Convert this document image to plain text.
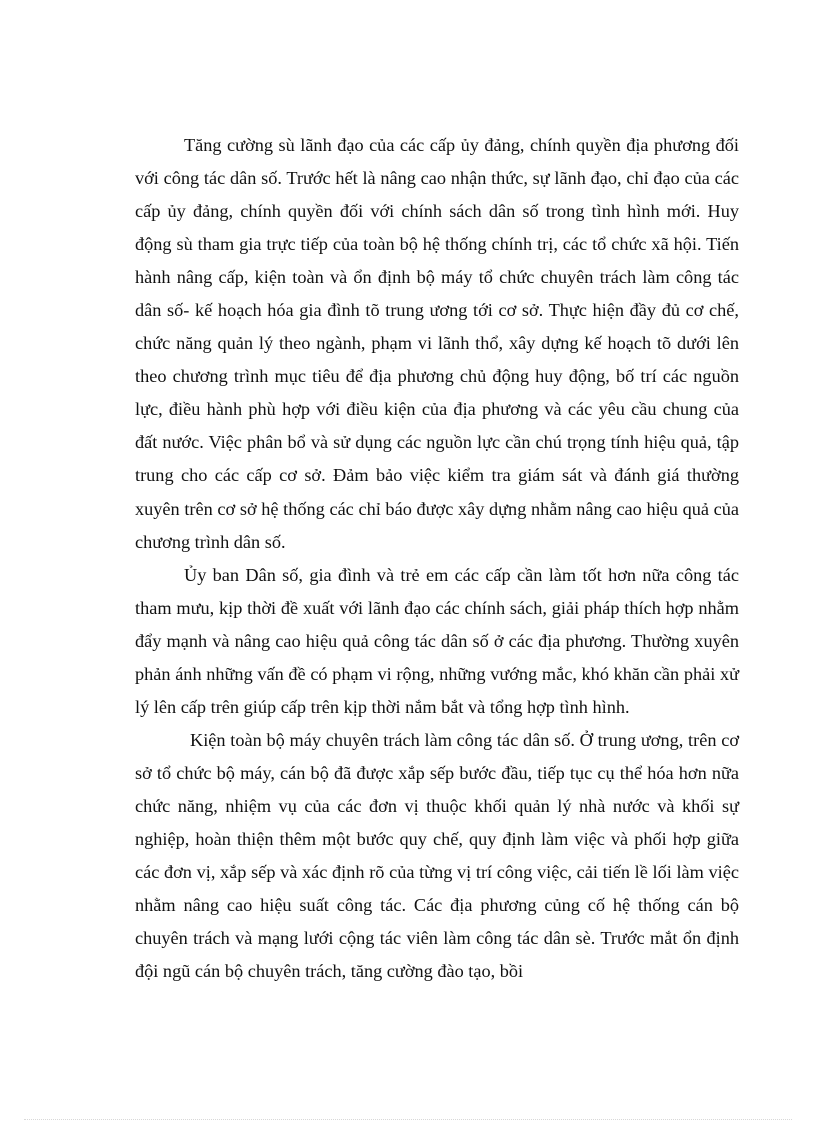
Tăng cường sù lãnh đạo của các cấp ủy đảng, chính quyền địa phương đối với công tác dân số. Trước hết là nâng cao nhận thức, sự lãnh đạo, chỉ đạo của các cấp ủy đảng, chính quyền đối với chính sách dân số trong tình hình mới. Huy động sù tham gia trực tiếp của toàn bộ hệ thống chính trị, các tổ chức xã hội. Tiến hành nâng cấp, kiện toàn và ổn định bộ máy tổ chức chuyên trách làm công tác dân số- kế hoạch hóa gia đình tõ trung ương tới cơ sở. Thực hiện đầy đủ cơ chế, chức năng quản lý theo ngành, phạm vi lãnh thổ, xây dựng kế hoạch tõ dưới lên theo chương trình mục tiêu để địa phương chủ động huy động, bố trí các nguồn lực, điều hành phù hợp với điều kiện của địa phương và các yêu cầu chung của đất nước. Việc phân bổ và sử dụng các nguồn lực cần chú trọng tính hiệu quả, tập trung cho các cấp cơ sở. Đảm bảo việc kiểm tra giám sát và đánh giá thường xuyên trên cơ sở hệ thống các chỉ báo được xây dựng nhằm nâng cao hiệu quả của chương trình dân số.

Ủy ban Dân số, gia đình và trẻ em các cấp cần làm tốt hơn nữa công tác tham mưu, kịp thời đề xuất với lãnh đạo các chính sách, giải pháp thích hợp nhằm đẩy mạnh và nâng cao hiệu quả công tác dân số ở các địa phương. Thường xuyên phản ánh những vấn đề có phạm vi rộng, những vướng mắc, khó khăn cần phải xử lý lên cấp trên giúp cấp trên kịp thời nắm bắt và tổng hợp tình hình.

Kiện toàn bộ máy chuyên trách làm công tác dân số. Ở trung ương, trên cơ sở tổ chức bộ máy, cán bộ đã được xắp sếp bước đầu, tiếp tục cụ thể hóa hơn nữa chức năng, nhiệm vụ của các đơn vị thuộc khối quản lý nhà nước và khối sự nghiệp, hoàn thiện thêm một bước quy chế, quy định làm việc và phối hợp giữa các đơn vị, xắp sếp và xác định rõ của từng vị trí công việc, cải tiến lề lối làm việc nhằm nâng cao hiệu suất công tác. Các địa phương củng cố hệ thống cán bộ chuyên trách và mạng lưới cộng tác viên làm công tác dân sè. Trước mắt ổn định đội ngũ cán bộ chuyên trách, tăng cường đào tạo, bồi
